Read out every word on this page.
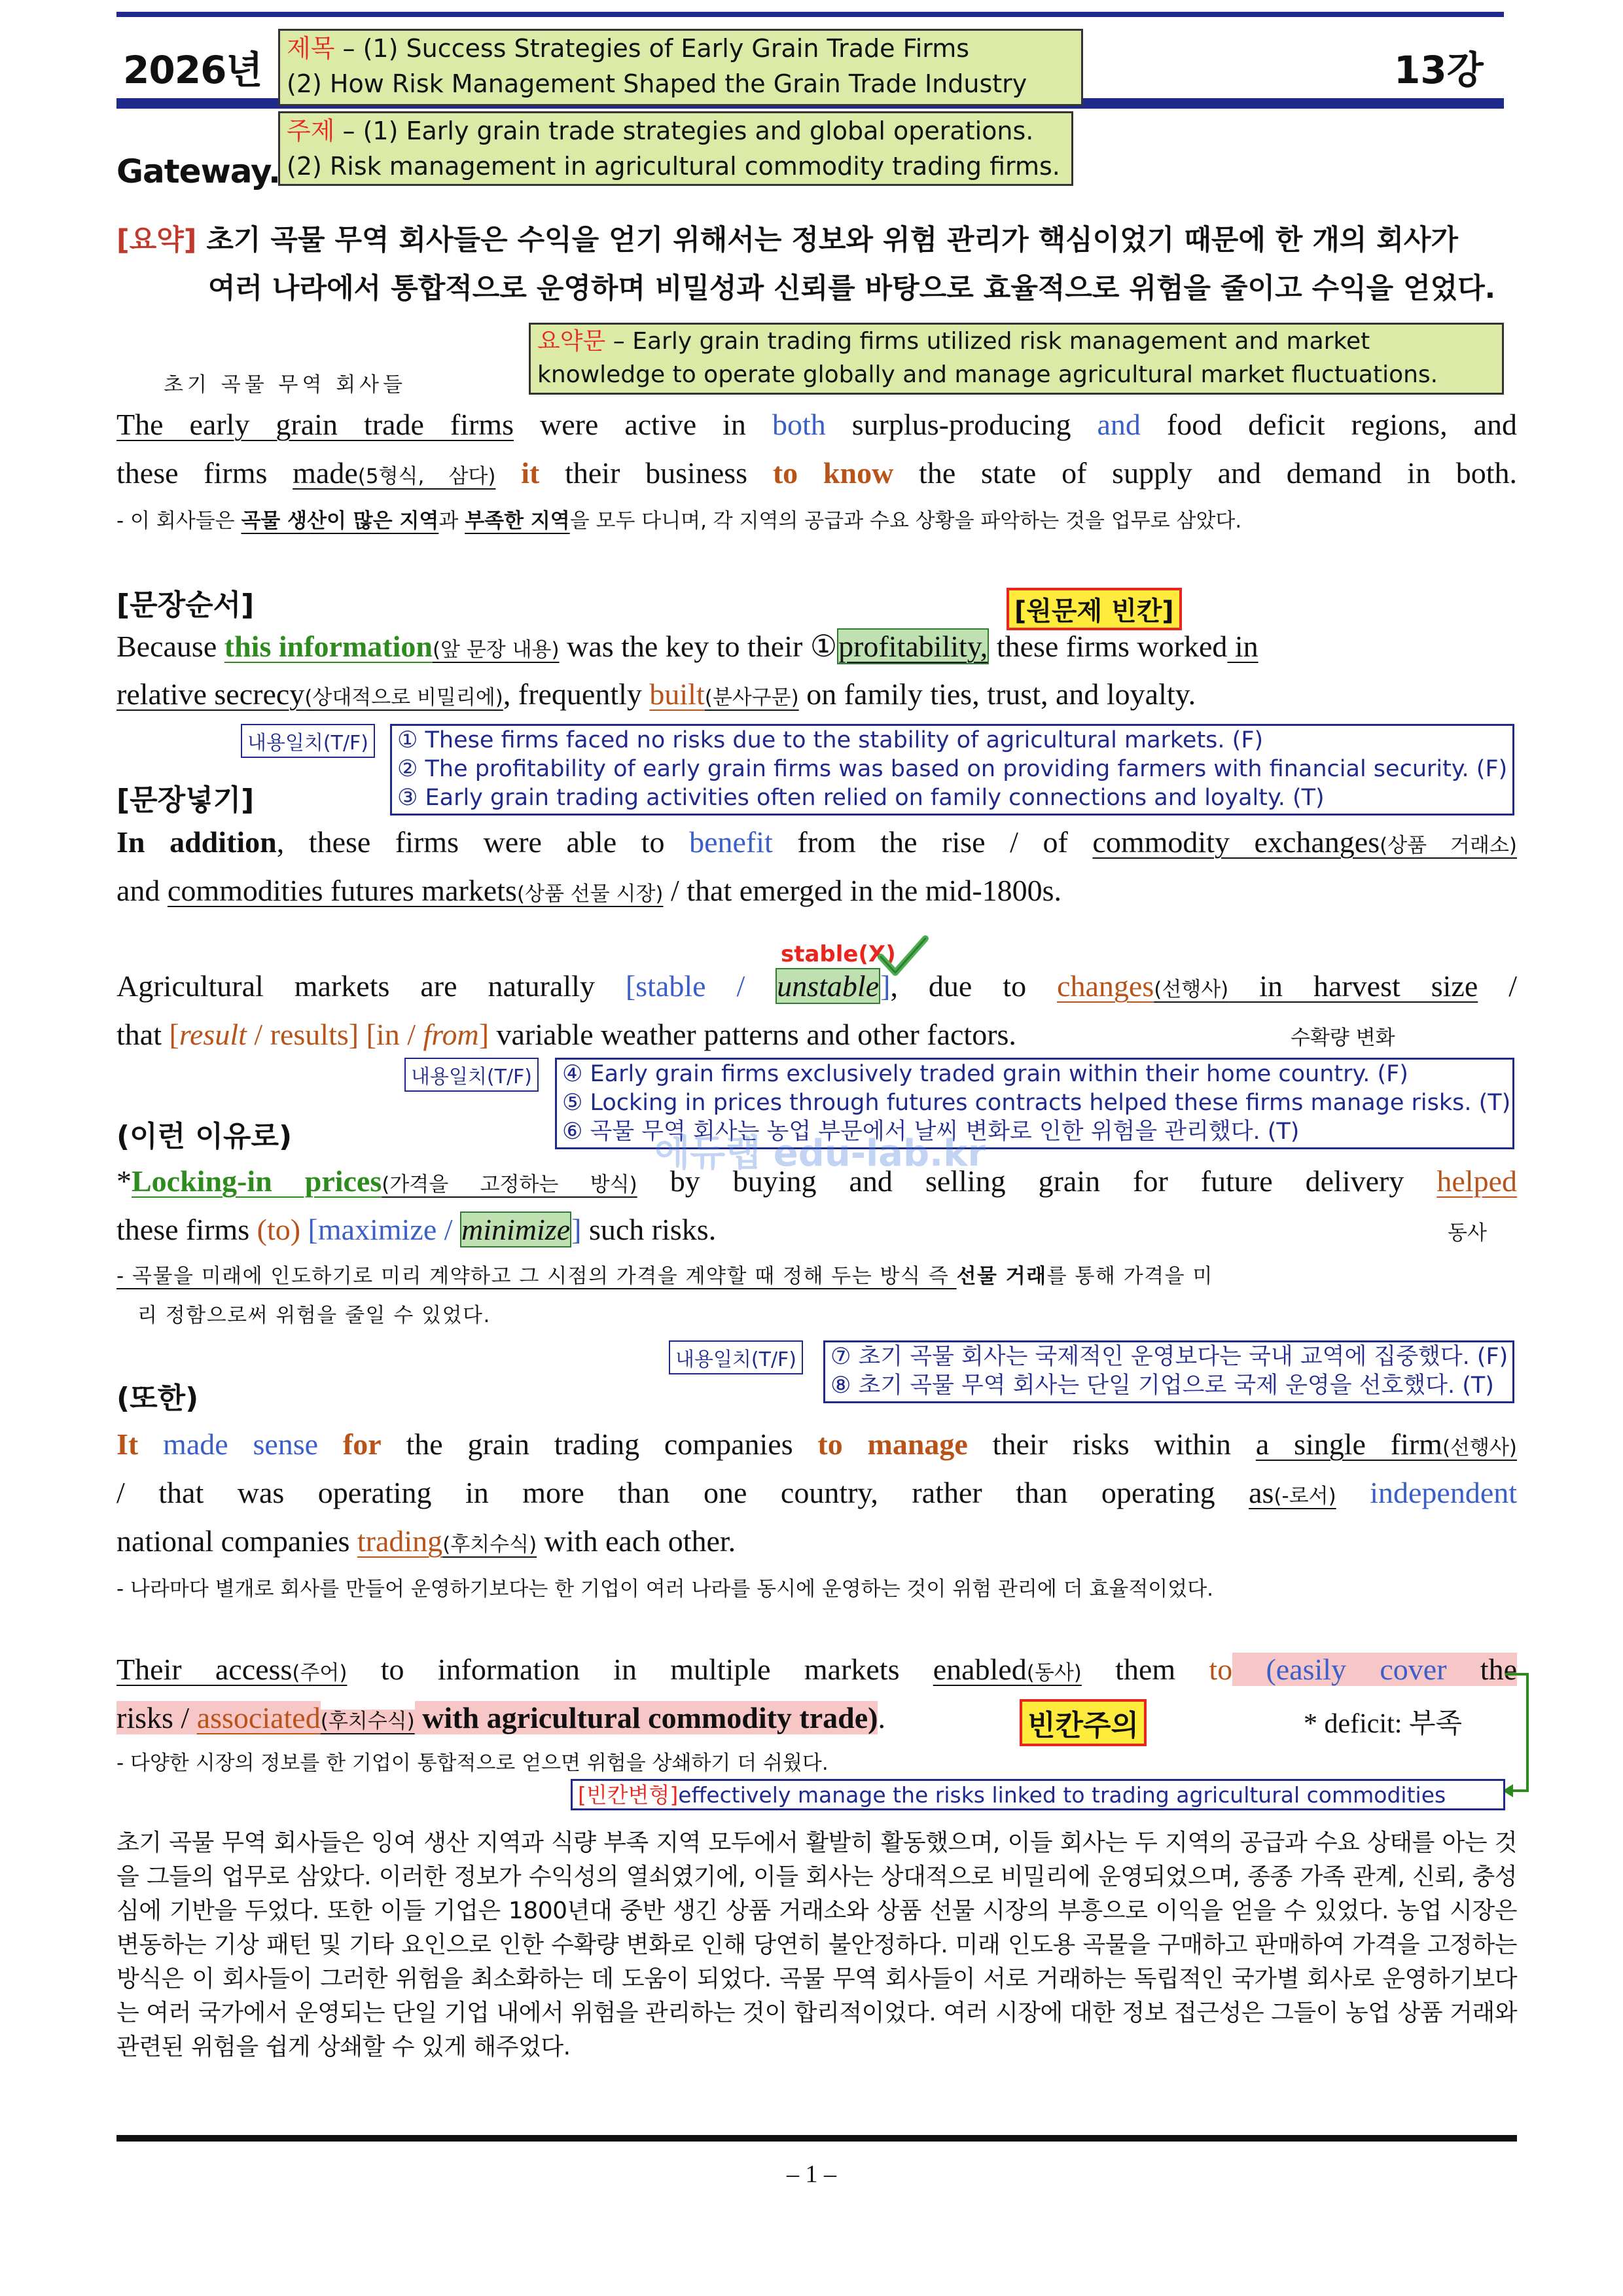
2026년	13강
제목 – (1) Success Strategies of Early Grain Trade Firms
(2) How Risk Management Shaped the Grain Trade Industry
주제 – (1) Early grain trade strategies and global operations.
(2) Risk management in agricultural commodity trading firms.
Gateway.
[요약] 초기 곡물 무역 회사들은 수익을 얻기 위해서는 정보와 위험 관리가 핵심이었기 때문에 한 개의 회사가
여러 나라에서 통합적으로 운영하며 비밀성과 신뢰를 바탕으로 효율적으로 위험을 줄이고 수익을 얻었다.
요약문 – Early grain trading firms utilized risk management and market
knowledge to operate globally and manage agricultural market fluctuations.
초기 곡물 무역 회사들
The early grain trade firms were active in both surplus-producing and food deficit regions, and
these firms made(5형식, 삼다) it their business to know the state of supply and demand in both.
- 이 회사들은 곡물 생산이 많은 지역과 부족한 지역을 모두 다니며, 각 지역의 공급과 수요 상황을 파악하는 것을 업무로 삼았다.
[문장순서]	[원문제 빈칸]
Because this information(앞 문장 내용) was the key to their ①profitability, these firms worked in
relative secrecy(상대적으로 비밀리에), frequently built(분사구문) on family ties, trust, and loyalty.
내용일치(T/F) ① These firms faced no risks due to the stability of agricultural markets. (F)
② The profitability of early grain firms was based on providing farmers with financial security. (F)
③ Early grain trading activities often relied on family connections and loyalty. (T)
[문장넣기]
In addition, these firms were able to benefit from the rise / of commodity exchanges(상품 거래소)
and commodities futures markets(상품 선물 시장) / that emerged in the mid-1800s.
stable(X)
Agricultural markets are naturally [stable / unstable], due to changes(선행사) in harvest size /
that [result / results] [in / from] variable weather patterns and other factors.	수확량 변화
내용일치(T/F) ④ Early grain firms exclusively traded grain within their home country. (F)
⑤ Locking in prices through futures contracts helped these firms manage risks. (T)
⑥ 곡물 무역 회사는 농업 부문에서 날씨 변화로 인한 위험을 관리했다. (T)
(이런 이유로)	에듀랩 edu-lab.kr
*Locking-in prices(가격을 고정하는 방식) by buying and selling grain for future delivery helped
these firms (to) [maximize / minimize] such risks.	동사
- 곡물을 미래에 인도하기로 미리 계약하고 그 시점의 가격을 계약할 때 정해 두는 방식 즉 선물 거래를 통해 가격을 미
리 정함으로써 위험을 줄일 수 있었다.
내용일치(T/F) ⑦ 초기 곡물 회사는 국제적인 운영보다는 국내 교역에 집중했다. (F)
⑧ 초기 곡물 무역 회사는 단일 기업으로 국제 운영을 선호했다. (T)
(또한)
It made sense for the grain trading companies to manage their risks within a single firm(선행사)
/ that was operating in more than one country, rather than operating as(-로서) independent
national companies trading(후치수식) with each other.
- 나라마다 별개로 회사를 만들어 운영하기보다는 한 기업이 여러 나라를 동시에 운영하는 것이 위험 관리에 더 효율적이었다.
Their access(주어) to information in multiple markets enabled(동사) them to (easily cover the
risks / associated(후치수식) with agricultural commodity trade).	빈칸주의	* deficit: 부족
- 다양한 시장의 정보를 한 기업이 통합적으로 얻으면 위험을 상쇄하기 더 쉬웠다.
[빈칸변형]effectively manage the risks linked to trading agricultural commodities
초기 곡물 무역 회사들은 잉여 생산 지역과 식량 부족 지역 모두에서 활발히 활동했으며, 이들 회사는 두 지역의 공급과 수요 상태를 아는 것을 그들의 업무로 삼았다. 이러한 정보가 수익성의 열쇠였기에, 이들 회사는 상대적으로 비밀리에 운영되었으며, 종종 가족 관계, 신뢰, 충성심에 기반을 두었다. 또한 이들 기업은 1800년대 중반 생긴 상품 거래소와 상품 선물 시장의 부흥으로 이익을 얻을 수 있었다. 농업 시장은 변동하는 기상 패턴 및 기타 요인으로 인한 수확량 변화로 인해 당연히 불안정하다. 미래 인도용 곡물을 구매하고 판매하여 가격을 고정하는 방식은 이 회사들이 그러한 위험을 최소화하는 데 도움이 되었다. 곡물 무역 회사들이 서로 거래하는 독립적인 국가별 회사로 운영하기보다는 여러 국가에서 운영되는 단일 기업 내에서 위험을 관리하는 것이 합리적이었다. 여러 시장에 대한 정보 접근성은 그들이 농업 상품 거래와 관련된 위험을 쉽게 상쇄할 수 있게 해주었다.
– 1 –
